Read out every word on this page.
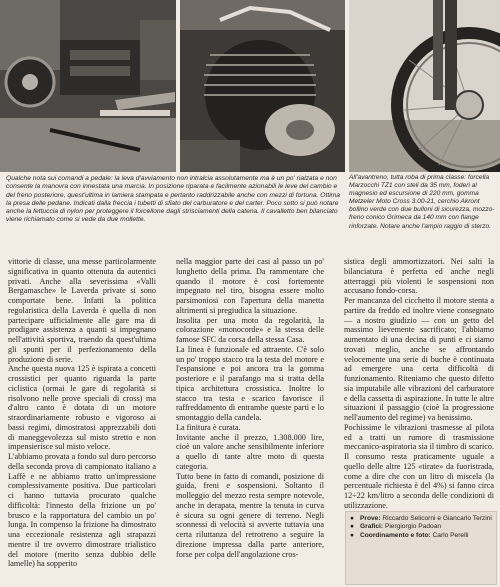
Qualche nota sui comandi a pedale: la leva d'avviamento non intralcia assolutamente ma è un po' rialzata e non consente la manovra con innestata una marcia. In posizione riparata e facilmente azionabili le leve del cambio e del freno posteriore, quest'ultima in lamiera stampata e pertanto raddrizzabile anche con mezzi di fortuna. Ottima la presa delle pedane. Indicati dalla freccia i tubetti di sfiato del carburatore e del carter. Poco sotto si può notare anche la fettuccia di nylon per proteggere il forcellone dagli strisciamenti della catena. Il cavalletto ben bilanciato viene richiamato come si vede da due mollette.
All'avantreno, tutta roba di prima classe: forcella Marzocchi TZ1 con steli da 35 mm, foderi al magnesio ed escursione di 220 mm, gomma Metzeler Moto Cross 3.00-21, cerchio Akront bollino verde con due bulloni di sicurezza, mozzo-freno conico Grimeca da 140 mm con flange rinforzate. Notare anche l'ampio raggio di sterzo.
vittorie di classe, una messe particolarmente significativa in quanto ottenuta da autentici privati. Anche alla severissima «Valli Bergamasche» le Laverda private si sono comportate bene. Infatti la politica regolaristica della Laverda è quella di non partecipare ufficialmente alle gare ma di prodigare assistenza a quanti si impegnano nell'attività sportiva, traendo da quest'ultima gli spunti per il perfezionamento della produzione di serie.
Anche questa nuova 125 è ispirata a concetti crossistici per quanto riguarda la parte ciclistica (ormai le gare di regolarità si risolvono nelle prove speciali di cross) ma d'altro canto è dotata di un motore straordinariamente robusto e vigoroso ai bassi regimi, dimostratosi apprezzabili doti di maneggevolezza sul misto stretto e non impensierisce sul misto veloce.
L'abbiamo provata a fondo sul duro percorso della seconda prova di campionato italiano a Laffè e ne abbiamo tratto un'impressione complessivamente positiva. Due particolari ci hanno tuttavia procurato qualche difficoltà: l'innesto della frizione un po' brusco e la rapportatura del cambio un po' lunga. In compenso la frizione ha dimostrato una eccezionale resistenza agli strapazzi mentre il tre ovverro dimostrare trialistico del motore (merito senza dubbio delle lamelle) ha sopperito
nella maggior parte dei casi al passo un po' lunghetto della prima. Da rammentare che quando il motore è così fortemente impegnato nel tiro, bisogna essere molto parsimoniosi con l'apertura della manetta altrimenti si pregiudica la situazione.
Insolita per una moto da regolarità, la colorazione «monocorde» e la stessa delle famose SFC da corsa della stessa Casa.
La linea è funzionale ed attraente. C'è solo un po' troppo stacco tra la testa del motore e l'espansione e poi ancora tra la gomma posteriore e il parafango ma si tratta della tipica architettura crossistica. Inoltre lo stacco tra testa e scarico favorisce il raffreddamento di entrambe queste parti e lo smontaggio della candela.
La finitura è curata.
Invitante anche il prezzo, 1.308.000 lire, cioè un valore anche sensibilmente inferiore a quello di tante altre moto di questa categoria.
Tutto bene in fatto di comandi, posizione di guida, freni e sospensioni. Soltanto il molleggio del mezzo resta sempre notevole, anche in derapata, mentre la tenuta in curva è sicura su ogni genere di terreno. Negli sconnessi di velocità si avverte tuttavia una certa riluttanza del retrotreno a seguire la direzione impressa dalla parte anteriore, forse per colpa dell'angolazione cros-
sistica degli ammortizzatori. Nei salti la bilanciatura è perfetta ed anche negli atterraggi più violenti le sospensioni non accusano fondo-corsa.
Per mancanza del cicchetto il motore stenta a partire da freddo ed inoltre viene consegnato — a nostro giudizio — con un getto del massimo lievemente sacrificato; l'abbiamo aumentato di una decina di punti e ci siamo trovati meglio, anche se affrontando velocemente una serie di buche è continuata ad emergere una certa difficoltà di funzionamento. Riteniamo che questo difetto sia imputabile alle vibrazioni del carburatore e della cassetta di aspirazione. In tutte le altre situazioni il passaggio (cioè la progressione nell'aumento del regime) va benissimo.
Pochissime le vibrazioni trasmesse al pilota ed a tratti un rumore di trasmissione meccanico-aspiratoria sia il timbro di scarico. Il consumo resta praticamente uguale a quello delle altre 125 «tirate» da fuoristrada, come a dire che con un litro di miscela (la percentuale richiesta è del 4%) si fanno circa 12÷22 km/litro a seconda delle condizioni di utilizzazione.
● Prove: Riccardo Selicorni e Giancarlo Terzini
● Grafici: Piergiorgio Padoan
● Coordinamento e foto: Carlo Perelli
